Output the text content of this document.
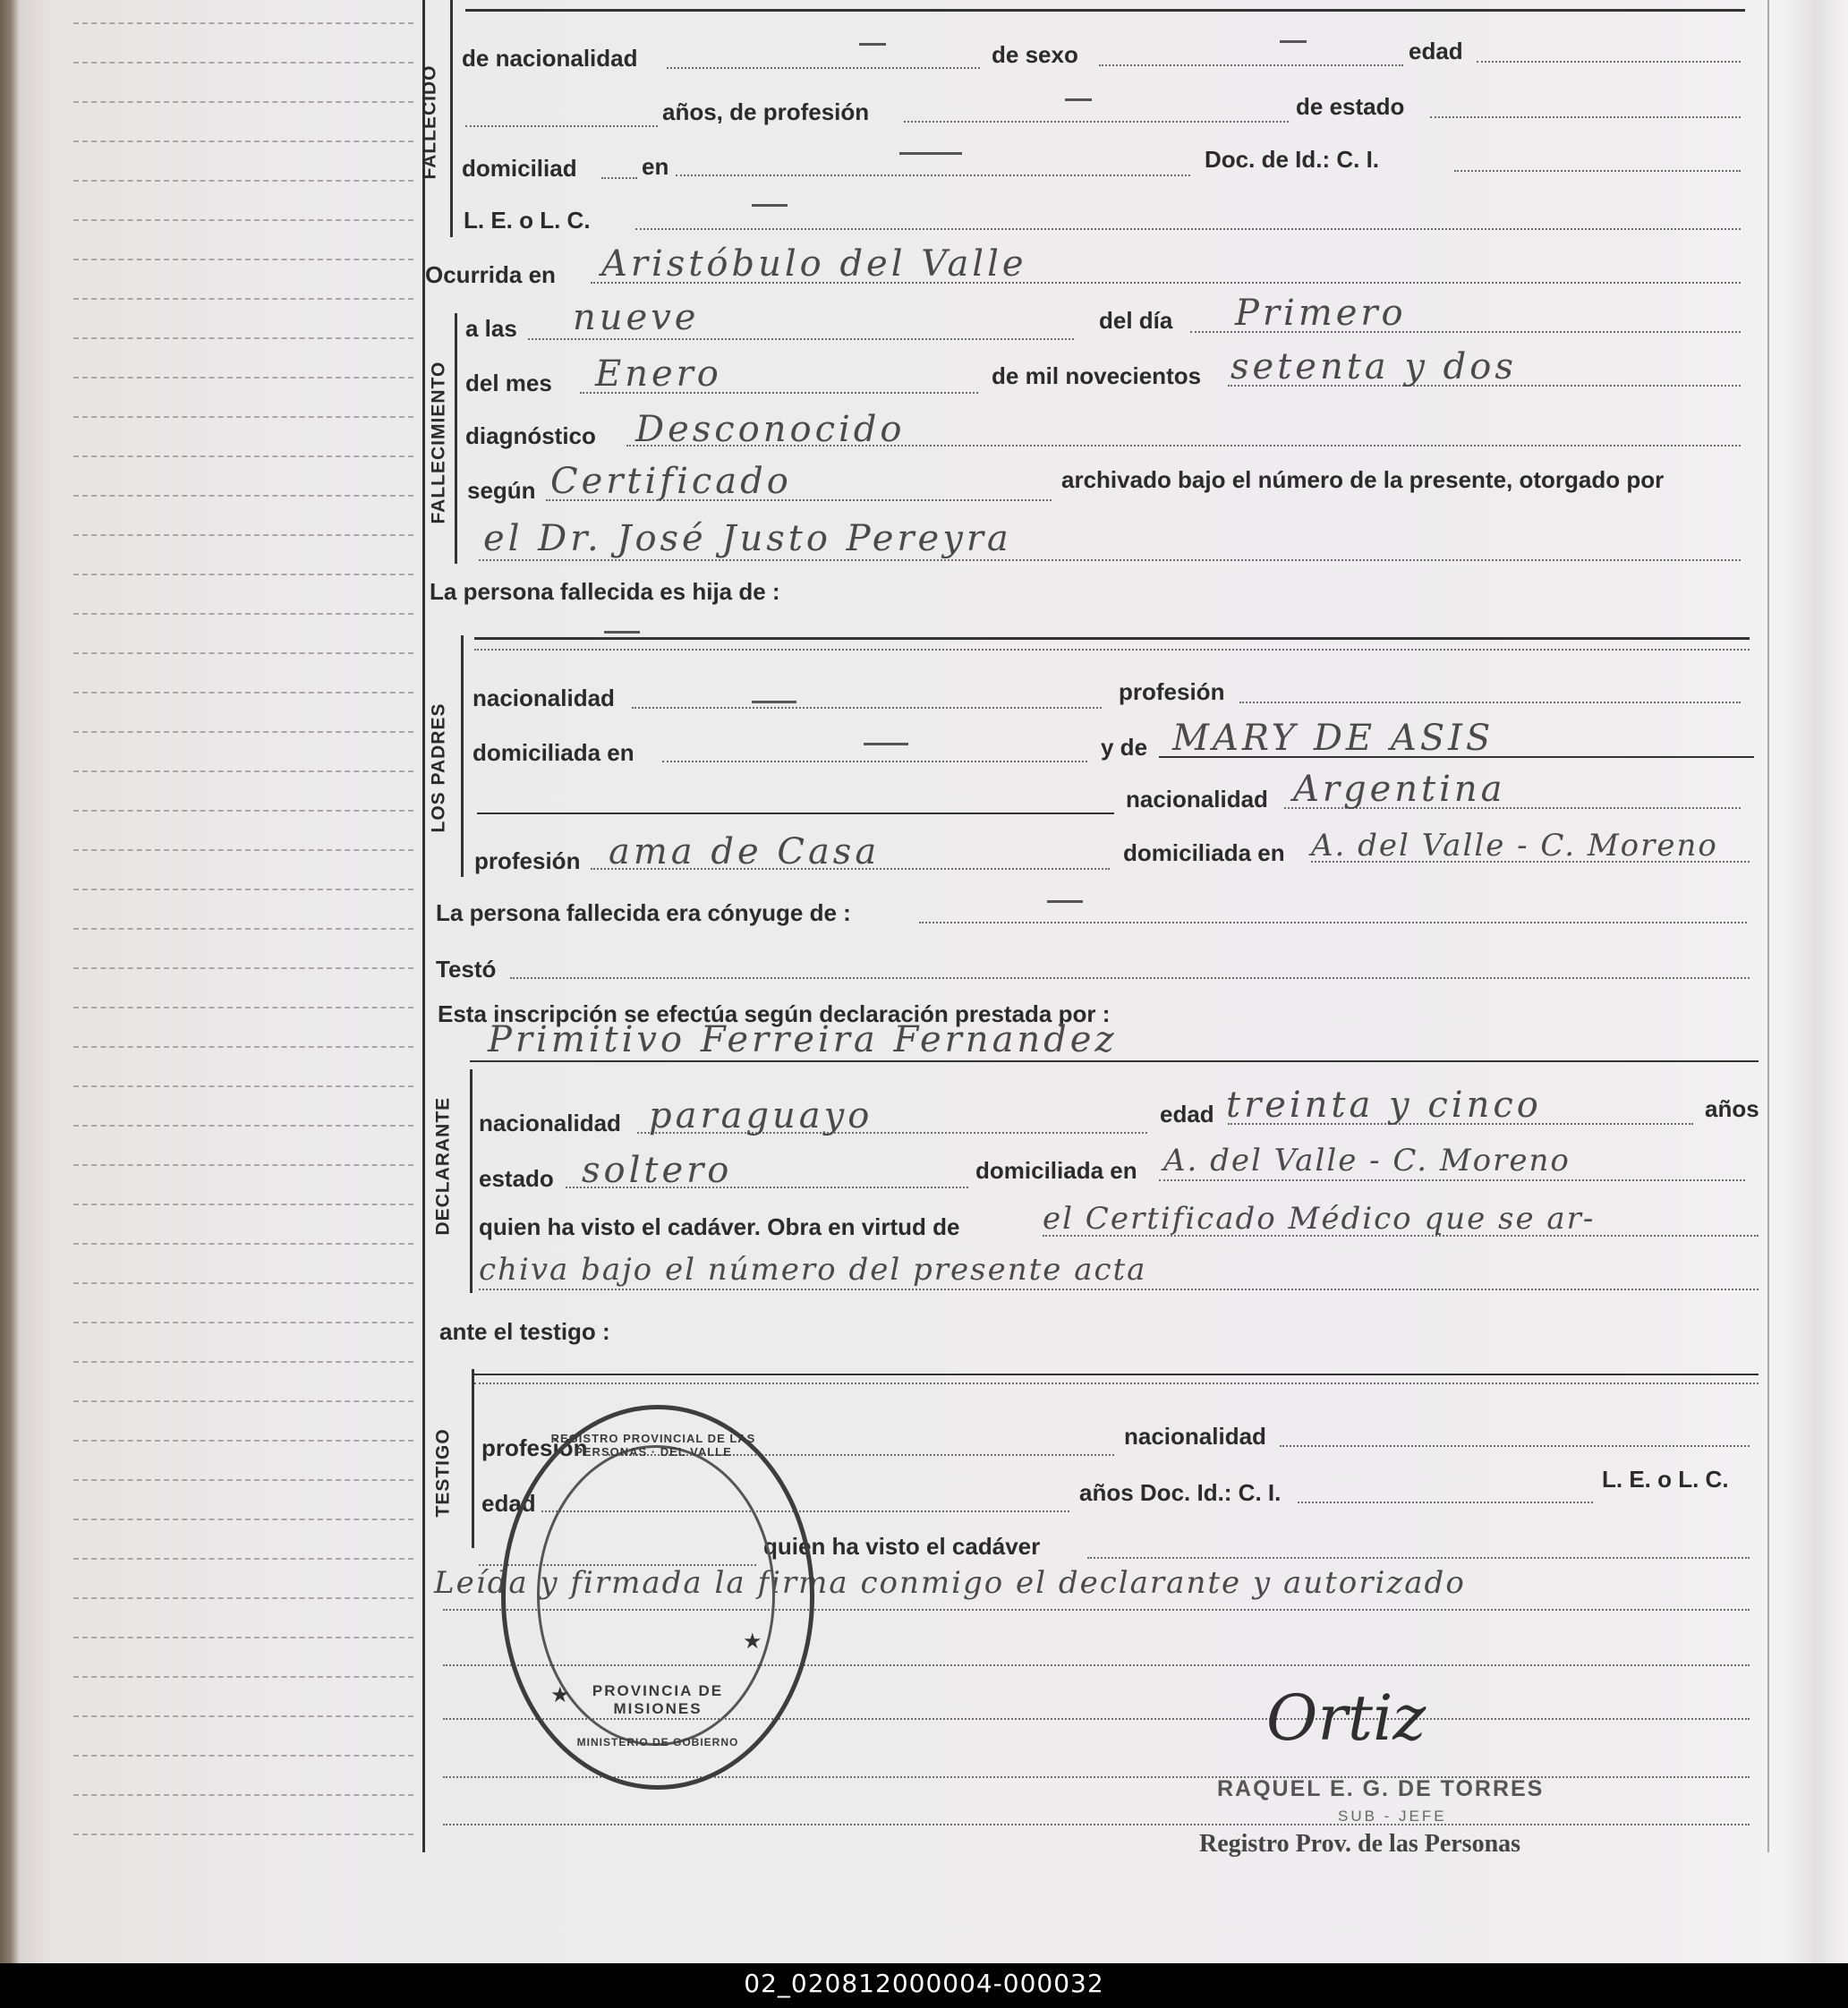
FALLECIDO
FALLECIMIENTO
LOS PADRES
DECLARANTE
TESTIGO
de nacionalidad	de sexo	edad
años, de profesión	de estado
domiciliad	en	Doc. de Id.: C. I.
L. E. o L. C.
Ocurrida en Aristóbulo del Valle
a las nueve	del día Primero
del mes Enero	de mil novecientos setenta y dos
diagnóstico Desconocido
según Certificado	archivado bajo el número de la presente, otorgado por
el Dr. José Justo Pereyra
La persona fallecida es hija de :
nacionalidad	profesión
domiciliada en	y de MARY DE ASIS
nacionalidad Argentina
profesión ama de Casa	domiciliada en A. del Valle - C. Moreno
La persona fallecida era cónyuge de :
Testó
Esta inscripción se efectúa según declaración prestada por :
Primitivo Ferreira Fernandez
nacionalidad paraguayo	edad treinta y cinco	años
estado soltero	domiciliada en A. del Valle - C. Moreno
quien ha visto el cadáver. Obra en virtud de	el Certificado Médico que se ar-
chiva bajo el número del presente acta
ante el testigo :
profesión	nacionalidad
edad	años Doc. Id.: C. I.	L. E. o L. C.
quien ha visto el cadáver
Leída y firmada la firma conmigo el declarante y autorizado
REGISTRO PROVINCIAL DE LAS PERSONAS · DEL VALLE
PROVINCIA DE MISIONES
MINISTERIO DE GOBIERNO
★
★
Ortiz
RAQUEL E. G. DE TORRES
SUB - JEFE
Registro Prov. de las Personas
02_020812000004-000032
